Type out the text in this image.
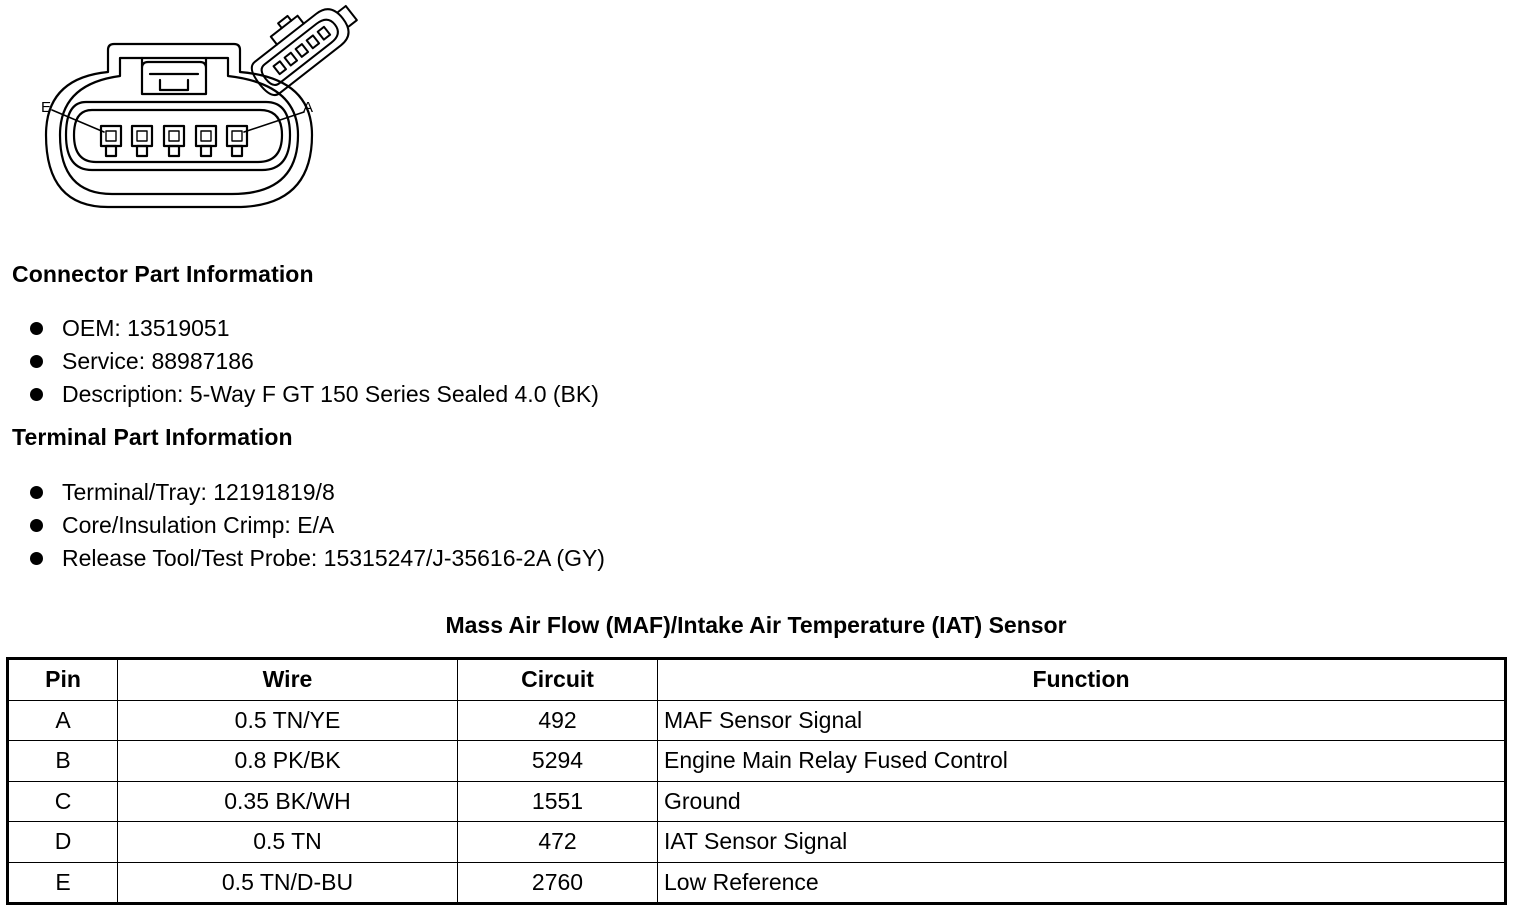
E	A
Connector Part Information
OEM: 13519051
Service: 88987186
Description: 5-Way F GT 150 Series Sealed 4.0 (BK)
Terminal Part Information
Terminal/Tray: 12191819/8
Core/Insulation Crimp: E/A
Release Tool/Test Probe: 15315247/J-35616-2A (GY)
Mass Air Flow (MAF)/Intake Air Temperature (IAT) Sensor
Pin	Wire	Circuit	Function
A	0.5 TN/YE	492	MAF Sensor Signal
B	0.8 PK/BK	5294	Engine Main Relay Fused Control
C	0.35 BK/WH	1551	Ground
D	0.5 TN	472	IAT Sensor Signal
E	0.5 TN/D-BU	2760	Low Reference
